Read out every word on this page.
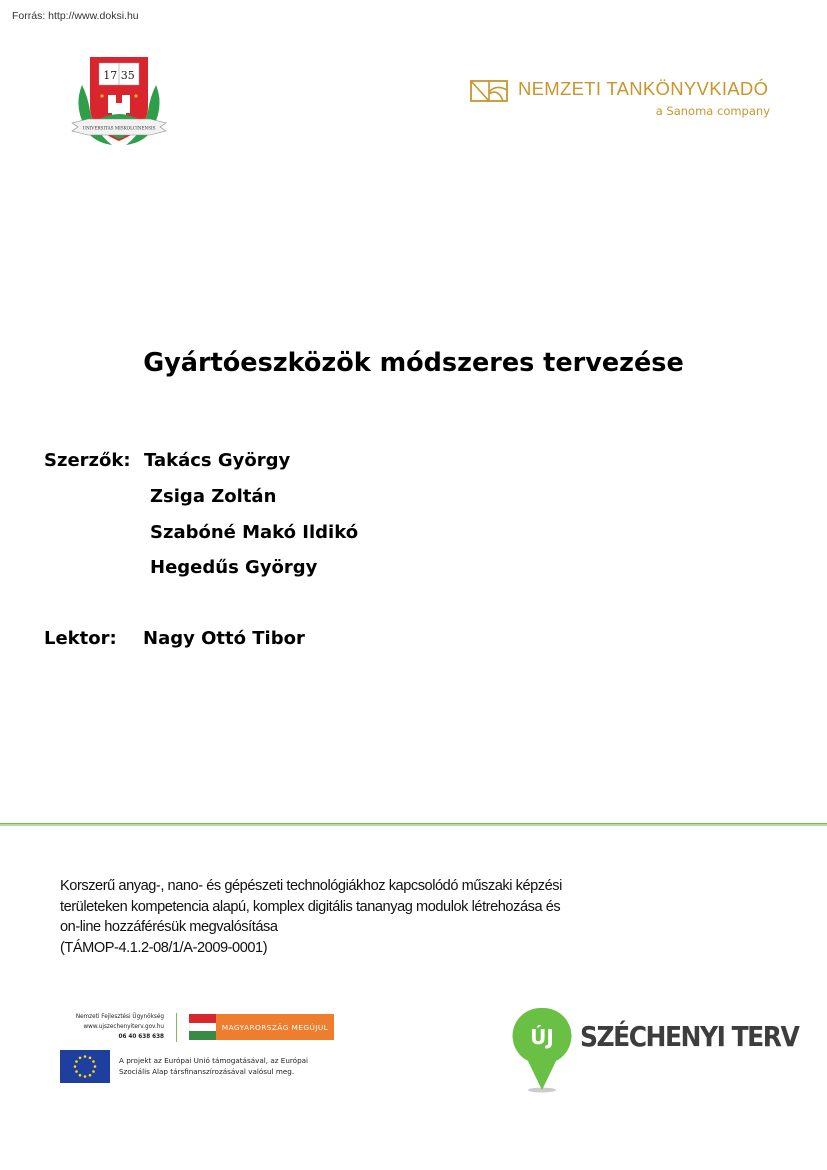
Forrás: http://www.doksi.hu
17 35
UNIVERSITAS MISKOLCINENSIS
NEMZETI TANKÖNYVKIADÓ
a Sanoma company
Gyártóeszközök módszeres tervezése
Szerzők: Takács György
Zsiga Zoltán
Szabóné Makó Ildikó
Hegedűs György
Lektor: Nagy Ottó Tibor
Korszerű anyag-, nano- és gépészeti technológiákhoz kapcsolódó műszaki képzési
területeken kompetencia alapú, komplex digitális tananyag modulok létrehozása és
on-line hozzáférésük megvalósítása
(TÁMOP-4.1.2-08/1/A-2009-0001)
Nemzeti Fejlesztési Ügynökség
www.ujszechenyiterv.gov.hu
06 40 638 638
MAGYARORSZÁG MEGÚJUL
A projekt az Európai Unió támogatásával, az Európai
Szociális Alap társfinanszírozásával valósul meg.
ÚJ SZÉCHENYI TERV
